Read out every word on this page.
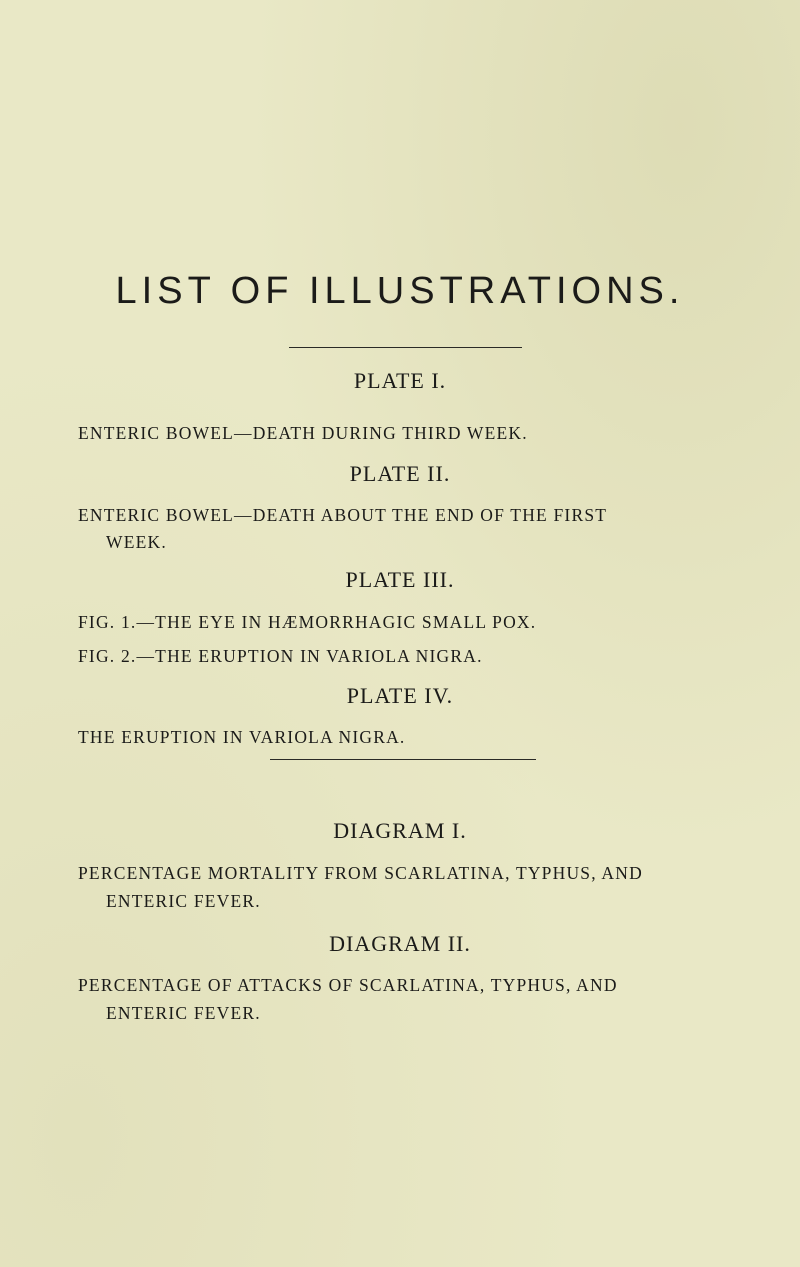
LIST OF ILLUSTRATIONS.
PLATE I.

ENTERIC BOWEL—DEATH DURING THIRD WEEK.

PLATE II.

ENTERIC BOWEL—DEATH ABOUT THE END OF THE FIRST

WEEK.

PLATE III.

FIG. 1.—THE EYE IN HÆMORRHAGIC SMALL POX.

FIG. 2.—THE ERUPTION IN VARIOLA NIGRA.

PLATE IV.

THE ERUPTION IN VARIOLA NIGRA.

DIAGRAM I.

PERCENTAGE MORTALITY FROM SCARLATINA, TYPHUS, AND

ENTERIC FEVER.

DIAGRAM II.

PERCENTAGE OF ATTACKS OF SCARLATINA, TYPHUS, AND

ENTERIC FEVER.
